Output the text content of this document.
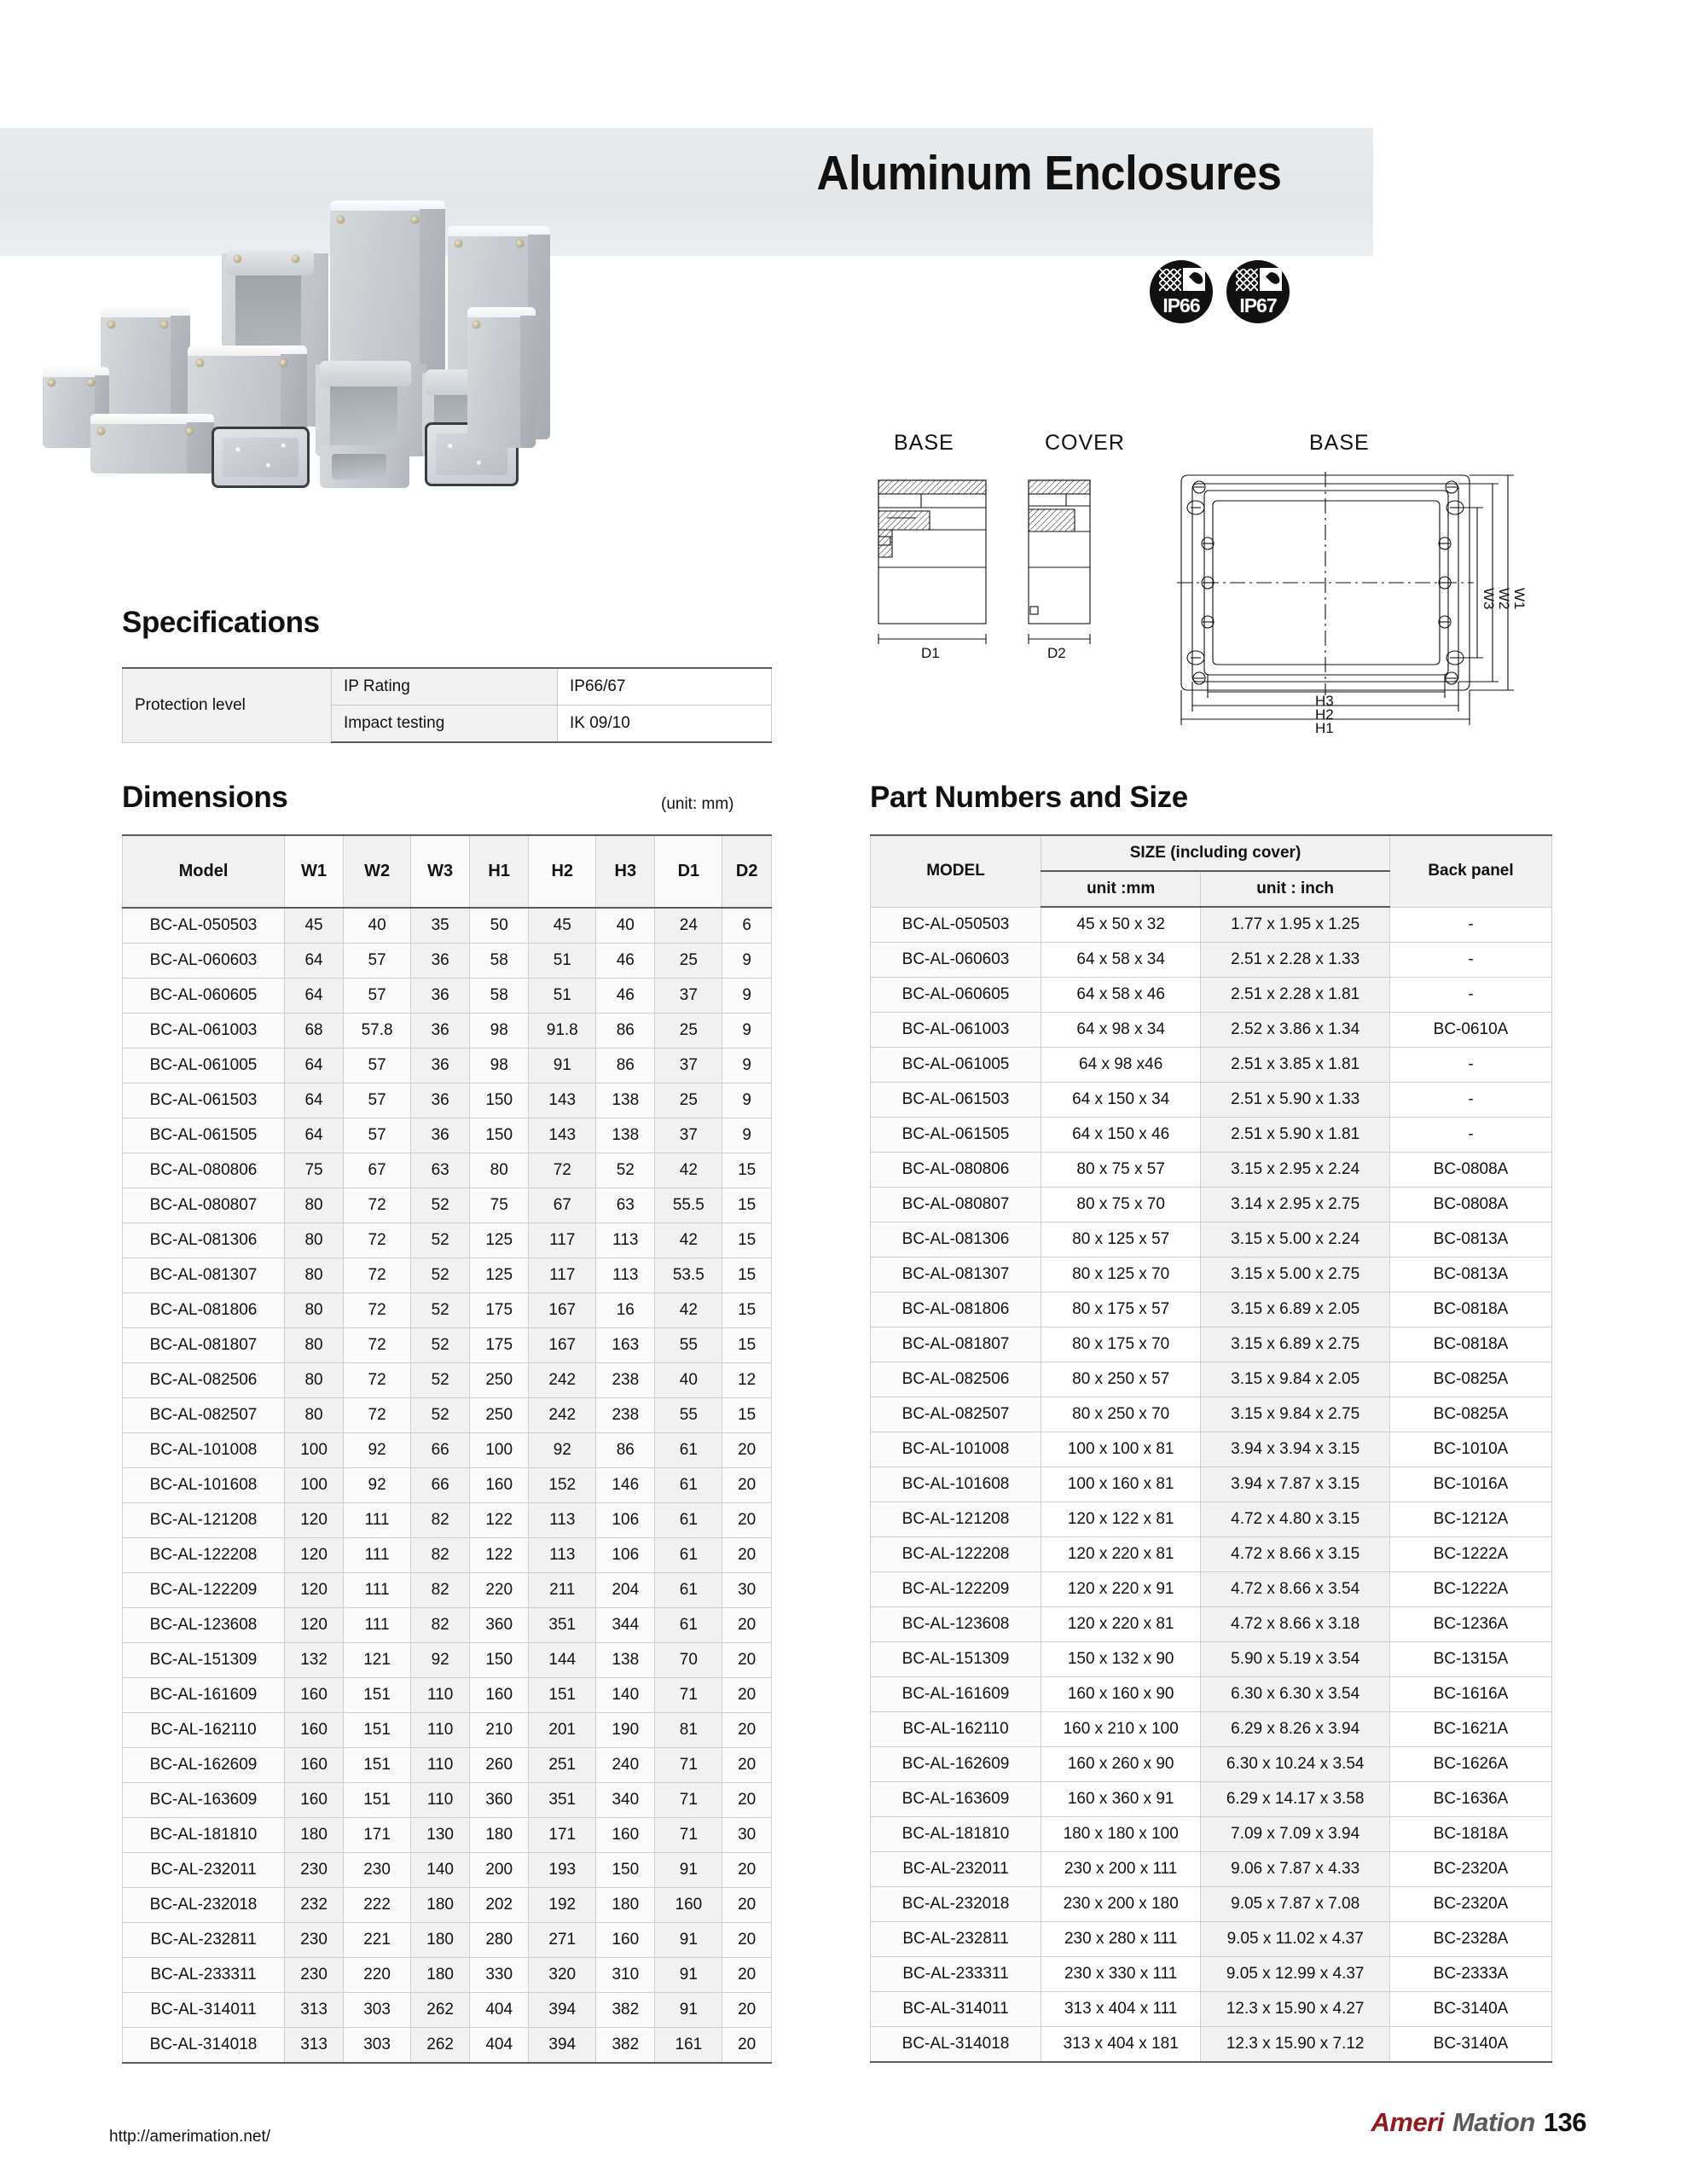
Aluminum Enclosures
IP66	IP67
BASE	COVER	BASE
D1	D2
W1
W2
W3
H1
H2
H3
Specifications
Protection level	IP Rating	IP66/67
	Impact testing	IK 09/10
Dimensions	(unit: mm)
Model	W1	W2	W3	H1	H2	H3	D1	D2
BC-AL-050503	45	40	35	50	45	40	24	6
BC-AL-060603	64	57	36	58	51	46	25	9
BC-AL-060605	64	57	36	58	51	46	37	9
BC-AL-061003	68	57.8	36	98	91.8	86	25	9
BC-AL-061005	64	57	36	98	91	86	37	9
BC-AL-061503	64	57	36	150	143	138	25	9
BC-AL-061505	64	57	36	150	143	138	37	9
BC-AL-080806	75	67	63	80	72	52	42	15
BC-AL-080807	80	72	52	75	67	63	55.5	15
BC-AL-081306	80	72	52	125	117	113	42	15
BC-AL-081307	80	72	52	125	117	113	53.5	15
BC-AL-081806	80	72	52	175	167	16	42	15
BC-AL-081807	80	72	52	175	167	163	55	15
BC-AL-082506	80	72	52	250	242	238	40	12
BC-AL-082507	80	72	52	250	242	238	55	15
BC-AL-101008	100	92	66	100	92	86	61	20
BC-AL-101608	100	92	66	160	152	146	61	20
BC-AL-121208	120	111	82	122	113	106	61	20
BC-AL-122208	120	111	82	122	113	106	61	20
BC-AL-122209	120	111	82	220	211	204	61	30
BC-AL-123608	120	111	82	360	351	344	61	20
BC-AL-151309	132	121	92	150	144	138	70	20
BC-AL-161609	160	151	110	160	151	140	71	20
BC-AL-162110	160	151	110	210	201	190	81	20
BC-AL-162609	160	151	110	260	251	240	71	20
BC-AL-163609	160	151	110	360	351	340	71	20
BC-AL-181810	180	171	130	180	171	160	71	30
BC-AL-232011	230	230	140	200	193	150	91	20
BC-AL-232018	232	222	180	202	192	180	160	20
BC-AL-232811	230	221	180	280	271	160	91	20
BC-AL-233311	230	220	180	330	320	310	91	20
BC-AL-314011	313	303	262	404	394	382	91	20
BC-AL-314018	313	303	262	404	394	382	161	20
Part Numbers and Size
MODEL	SIZE (including cover)		Back panel
	unit :mm	unit : inch	
BC-AL-050503	45 x 50 x 32	1.77 x 1.95 x 1.25	-
BC-AL-060603	64 x 58 x 34	2.51 x 2.28 x 1.33	-
BC-AL-060605	64 x 58 x 46	2.51 x 2.28 x 1.81	-
BC-AL-061003	64 x 98 x 34	2.52 x 3.86 x 1.34	BC-0610A
BC-AL-061005	64 x 98 x46	2.51 x 3.85 x 1.81	-
BC-AL-061503	64 x 150 x 34	2.51 x 5.90 x 1.33	-
BC-AL-061505	64 x 150 x 46	2.51 x 5.90 x 1.81	-
BC-AL-080806	80 x 75 x 57	3.15 x 2.95 x 2.24	BC-0808A
BC-AL-080807	80 x 75 x 70	3.14 x 2.95 x 2.75	BC-0808A
BC-AL-081306	80 x 125 x 57	3.15 x 5.00 x 2.24	BC-0813A
BC-AL-081307	80 x 125 x 70	3.15 x 5.00 x 2.75	BC-0813A
BC-AL-081806	80 x 175 x 57	3.15 x 6.89 x 2.05	BC-0818A
BC-AL-081807	80 x 175 x 70	3.15 x 6.89 x 2.75	BC-0818A
BC-AL-082506	80 x 250 x 57	3.15 x 9.84 x 2.05	BC-0825A
BC-AL-082507	80 x 250 x 70	3.15 x 9.84 x 2.75	BC-0825A
BC-AL-101008	100 x 100 x 81	3.94 x 3.94 x 3.15	BC-1010A
BC-AL-101608	100 x 160 x 81	3.94 x 7.87 x 3.15	BC-1016A
BC-AL-121208	120 x 122 x 81	4.72 x 4.80 x 3.15	BC-1212A
BC-AL-122208	120 x 220 x 81	4.72 x 8.66 x 3.15	BC-1222A
BC-AL-122209	120 x 220 x 91	4.72 x 8.66 x 3.54	BC-1222A
BC-AL-123608	120 x 220 x 81	4.72 x 8.66 x 3.18	BC-1236A
BC-AL-151309	150 x 132 x 90	5.90 x 5.19 x 3.54	BC-1315A
BC-AL-161609	160 x 160 x 90	6.30 x 6.30 x 3.54	BC-1616A
BC-AL-162110	160 x 210 x 100	6.29 x 8.26 x 3.94	BC-1621A
BC-AL-162609	160 x 260 x 90	6.30 x 10.24 x 3.54	BC-1626A
BC-AL-163609	160 x 360 x 91	6.29 x 14.17 x 3.58	BC-1636A
BC-AL-181810	180 x 180 x 100	7.09 x 7.09 x 3.94	BC-1818A
BC-AL-232011	230 x 200 x 111	9.06 x 7.87 x 4.33	BC-2320A
BC-AL-232018	230 x 200 x 180	9.05 x 7.87 x 7.08	BC-2320A
BC-AL-232811	230 x 280 x 111	9.05 x 11.02 x 4.37	BC-2328A
BC-AL-233311	230 x 330 x 111	9.05 x 12.99 x 4.37	BC-2333A
BC-AL-314011	313 x 404 x 111	12.3 x 15.90 x 4.27	BC-3140A
BC-AL-314018	313 x 404 x 181	12.3 x 15.90 x 7.12	BC-3140A
http://amerimation.net/	Ameri Mation 136
